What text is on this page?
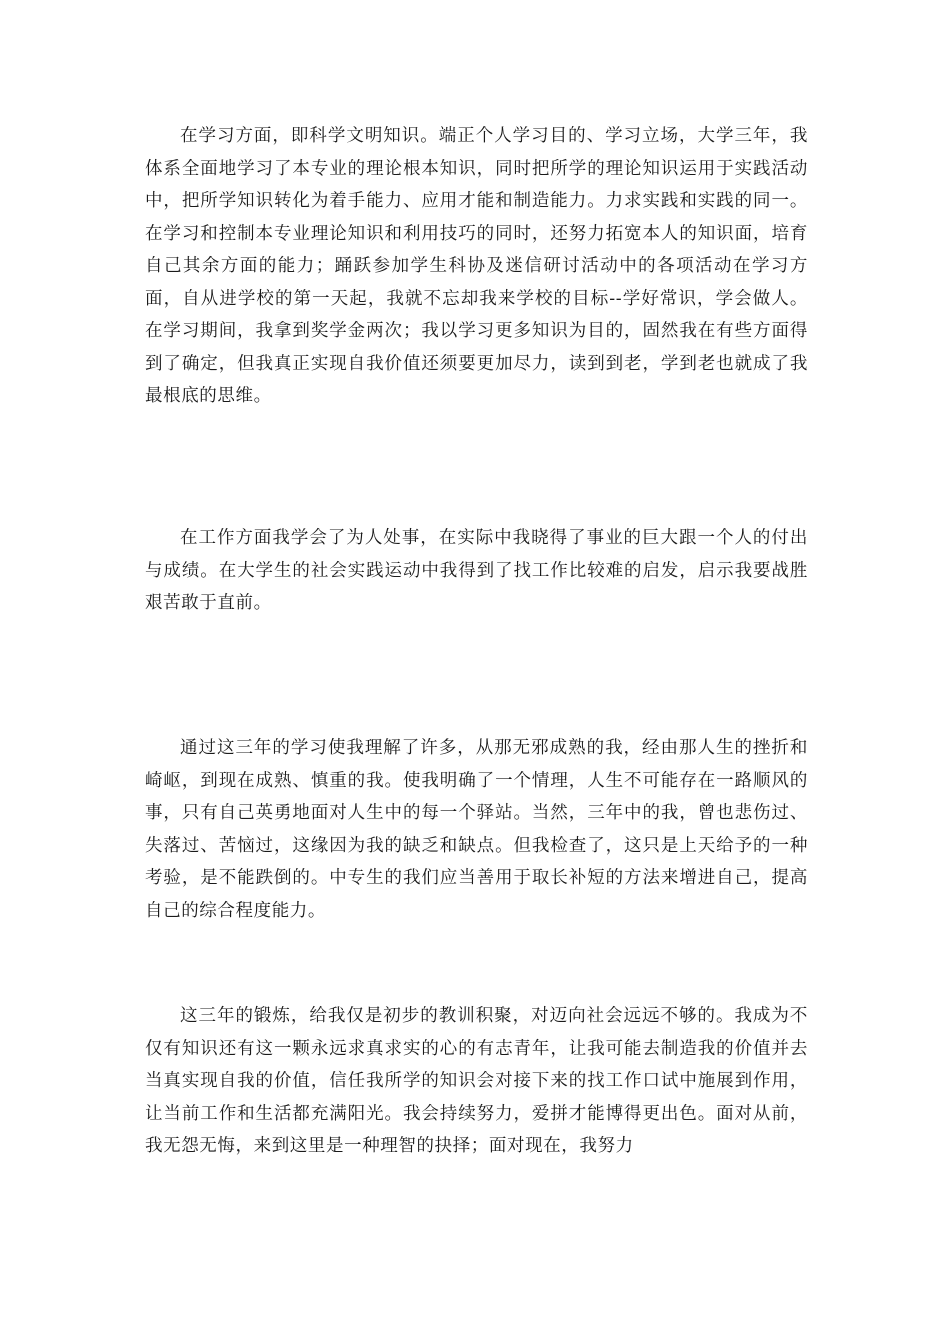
在学习方面，即科学文明知识。端正个人学习目的、学习立场，大学三年，我体系全面地学习了本专业的理论根本知识，同时把所学的理论知识运用于实践活动中，把所学知识转化为着手能力、应用才能和制造能力。力求实践和实践的同一。在学习和控制本专业理论知识和利用技巧的同时，还努力拓宽本人的知识面，培育自己其余方面的能力；踊跃参加学生科协及迷信研讨活动中的各项活动在学习方面，自从进学校的第一天起，我就不忘却我来学校的目标--学好常识，学会做人。在学习期间，我拿到奖学金两次；我以学习更多知识为目的，固然我在有些方面得到了确定，但我真正实现自我价值还须要更加尽力，读到到老，学到老也就成了我最根底的思维。

在工作方面我学会了为人处事，在实际中我晓得了事业的巨大跟一个人的付出与成绩。在大学生的社会实践运动中我得到了找工作比较难的启发，启示我要战胜艰苦敢于直前。

通过这三年的学习使我理解了许多，从那无邪成熟的我，经由那人生的挫折和崎岖，到现在成熟、慎重的我。使我明确了一个情理，人生不可能存在一路顺风的事，只有自己英勇地面对人生中的每一个驿站。当然，三年中的我，曾也悲伤过、失落过、苦恼过，这缘因为我的缺乏和缺点。但我检查了，这只是上天给予的一种考验，是不能跌倒的。中专生的我们应当善用于取长补短的方法来增进自己，提高自己的综合程度能力。

这三年的锻炼，给我仅是初步的教训积聚，对迈向社会远远不够的。我成为不仅有知识还有这一颗永远求真求实的心的有志青年，让我可能去制造我的价值并去当真实现自我的价值，信任我所学的知识会对接下来的找工作口试中施展到作用，让当前工作和生活都充满阳光。我会持续努力，爱拼才能博得更出色。面对从前，我无怨无悔，来到这里是一种理智的抉择；面对现在，我努力
